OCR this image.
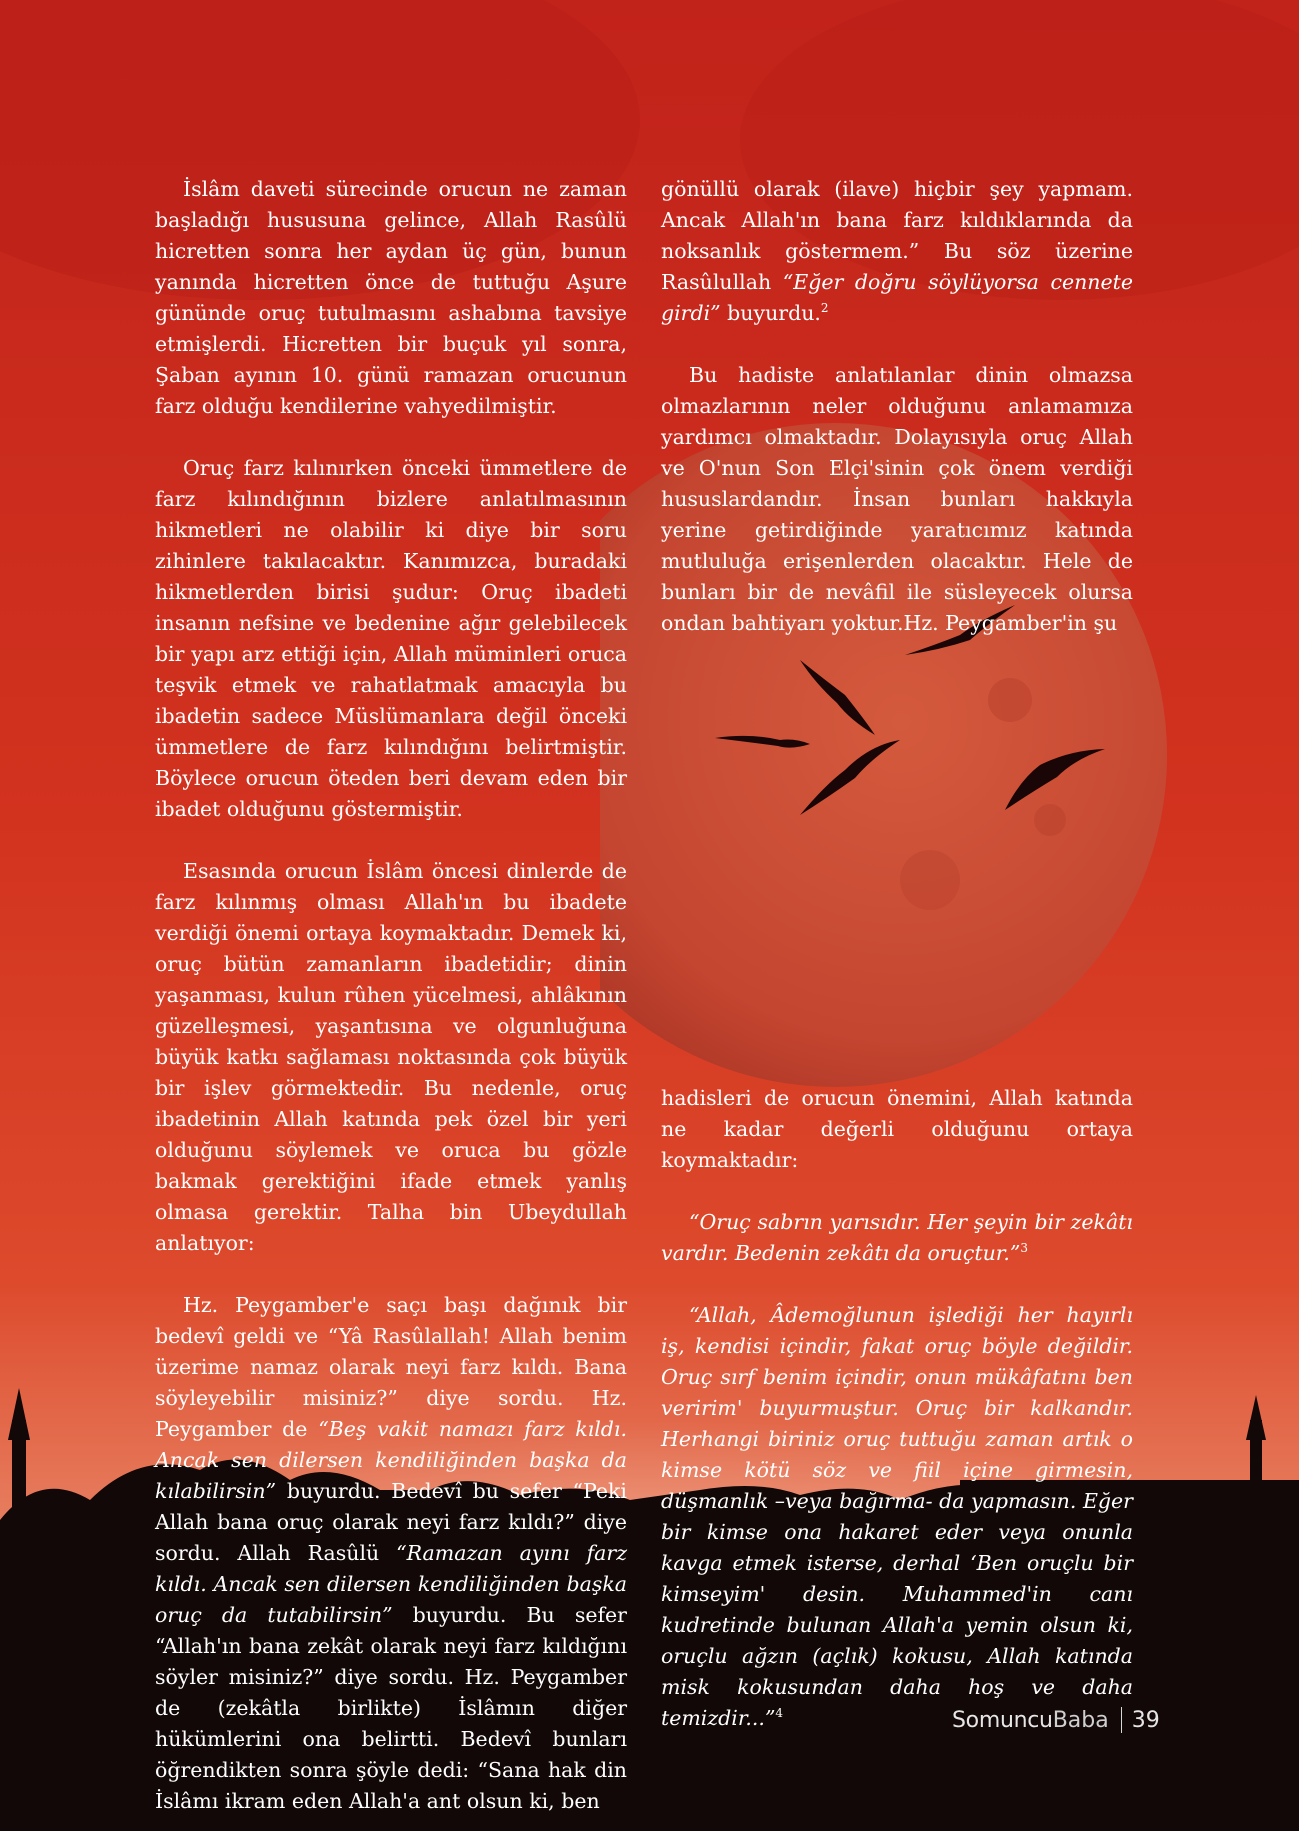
İslâm daveti sürecinde orucun ne zaman başladığı hususuna gelince, Allah Rasûlü hicretten sonra her aydan üç gün, bunun yanında hicretten önce de tuttuğu Aşure gününde oruç tutulmasını ashabına tavsiye etmişlerdi. Hicretten bir buçuk yıl sonra, Şaban ayının 10. günü ramazan orucunun farz olduğu kendilerine vahyedilmiştir.

Oruç farz kılınırken önceki ümmetlere de farz kılındığının bizlere anlatılmasının hikmetleri ne olabilir ki diye bir soru zihinlere takılacaktır. Kanımızca, buradaki hikmetlerden birisi şudur: Oruç ibadeti insanın nefsine ve bedenine ağır gelebilecek bir yapı arz ettiği için, Allah müminleri oruca teşvik etmek ve rahatlatmak amacıyla bu ibadetin sadece Müslümanlara değil önceki ümmetlere de farz kılındığını belirtmiştir. Böylece orucun öteden beri devam eden bir ibadet olduğunu göstermiştir.

Esasında orucun İslâm öncesi dinlerde de farz kılınmış olması Allah'ın bu ibadete verdiği önemi ortaya koymaktadır. Demek ki, oruç bütün zamanların ibadetidir; dinin yaşanması, kulun rûhen yücelmesi, ahlâkının güzelleşmesi, yaşantısına ve olgunluğuna büyük katkı sağlaması noktasında çok büyük bir işlev görmektedir. Bu nedenle, oruç ibadetinin Allah katında pek özel bir yeri olduğunu söylemek ve oruca bu gözle bakmak gerektiğini ifade etmek yanlış olmasa gerektir. Talha bin Ubeydullah anlatıyor:

Hz. Peygamber'e saçı başı dağınık bir bedevî geldi ve “Yâ Rasûlallah! Allah benim üzerime namaz olarak neyi farz kıldı. Bana söyleyebilir misiniz?” diye sordu. Hz. Peygamber de “Beş vakit namazı farz kıldı. Ancak sen dilersen kendiliğinden başka da kılabilirsin” buyurdu. Bedevî bu sefer “Peki Allah bana oruç olarak neyi farz kıldı?” diye sordu. Allah Rasûlü “Ramazan ayını farz kıldı. Ancak sen dilersen kendiliğinden başka oruç da tutabilirsin” buyurdu. Bu sefer “Allah'ın bana zekât olarak neyi farz kıldığını söyler misiniz?” diye sordu. Hz. Peygamber de (zekâtla birlikte) İslâmın diğer hükümlerini ona belirtti. Bedevî bunları öğrendikten sonra şöyle dedi: “Sana hak din İslâmı ikram eden Allah'a ant olsun ki, ben

gönüllü olarak (ilave) hiçbir şey yapmam. Ancak Allah'ın bana farz kıldıklarında da noksanlık göstermem.” Bu söz üzerine Rasûlullah “Eğer doğru söylüyorsa cennete girdi” buyurdu.$^2$

Bu hadiste anlatılanlar dinin olmazsa olmazlarının neler olduğunu anlamamıza yardımcı olmaktadır. Dolayısıyla oruç Allah ve O'nun Son Elçi'sinin çok önem verdiği hususlardandır. İnsan bunları hakkıyla yerine getirdiğinde yaratıcımız katında mutluluğa erişenlerden olacaktır. Hele de bunları bir de nevâfil ile süsleyecek olursa ondan bahtiyarı yoktur.Hz. Peygamber'in şu

hadisleri de orucun önemini, Allah katında ne kadar değerli olduğunu ortaya koymaktadır:

“Oruç sabrın yarısıdır. Her şeyin bir zekâtı vardır. Bedenin zekâtı da oruçtur.”$^3$

“Allah, Âdemoğlunun işlediği her hayırlı iş, kendisi içindir, fakat oruç böyle değildir. Oruç sırf benim içindir, onun mükâfatını ben veririm' buyurmuştur. Oruç bir kalkandır. Herhangi biriniz oruç tuttuğu zaman artık o kimse kötü söz ve fiil içine girmesin, düşmanlık –veya bağırma- da yapmasın. Eğer bir kimse ona hakaret eder veya onunla kavga etmek isterse, derhal ‘Ben oruçlu bir kimseyim' desin. Muhammed'in canı kudretinde bulunan Allah'a yemin olsun ki, oruçlu ağzın (açlık) kokusu, Allah katında misk kokusundan daha hoş ve daha temizdir...”$^4$	Somuncu Baba 39
